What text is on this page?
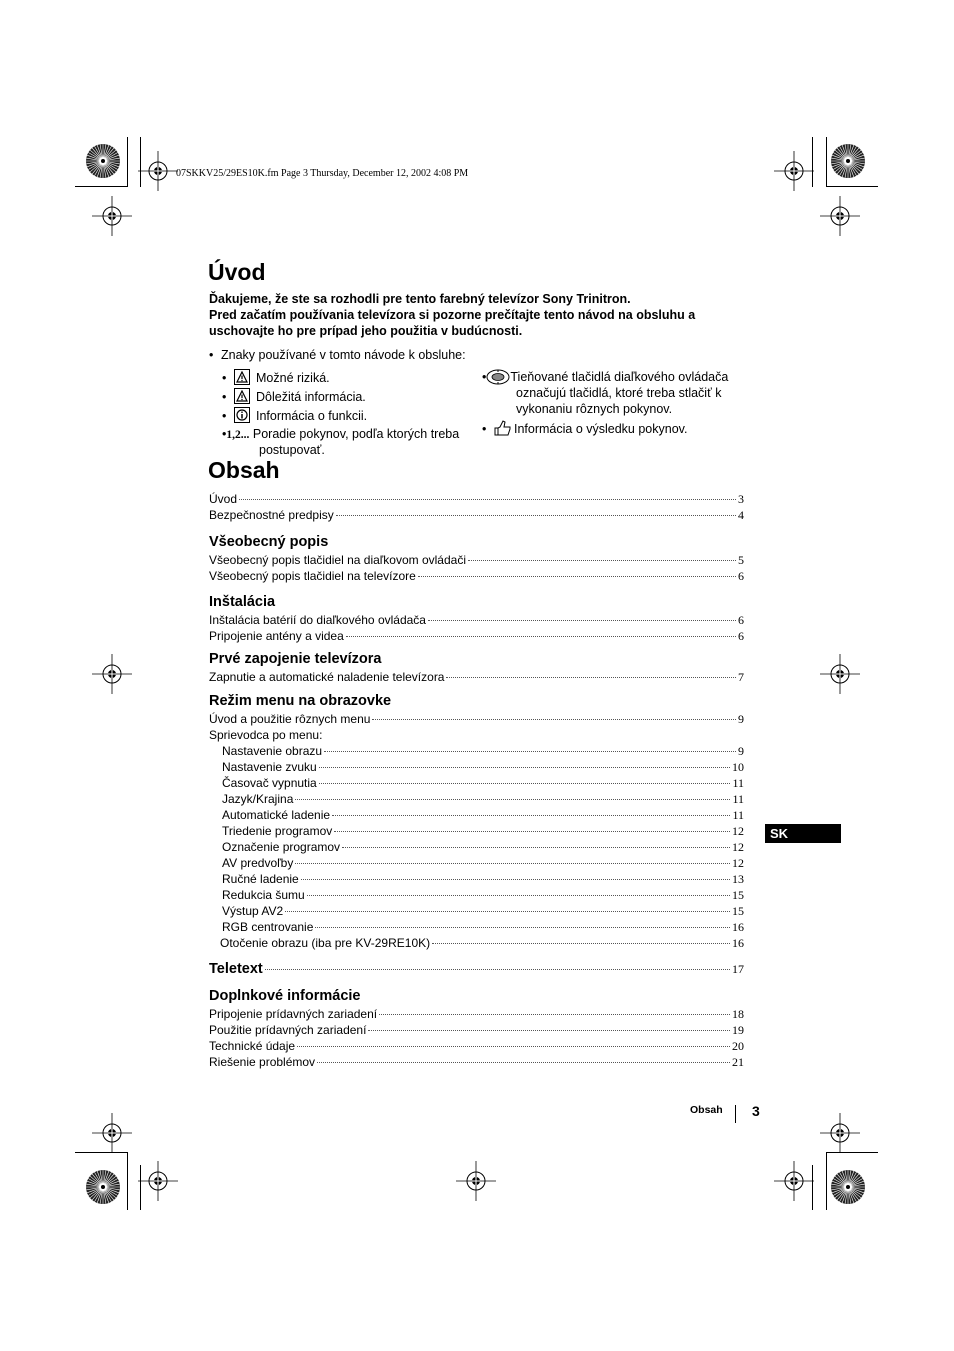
07SKKV25/29ES10K.fm Page 3 Thursday, December 12, 2002 4:08 PM
Úvod
Ďakujeme, že ste sa rozhodli pre tento farebný televízor Sony Trinitron.
Pred začatím používania televízora si pozorne prečítajte tento návod na obsluhu a
uschovajte ho pre prípad jeho použitia v budúcnosti.
• Znaky používané v tomto návode k obsluhe:
• Možné riziká.
• Dôležitá informácia.
• Informácia o funkcii.
•1,2... Poradie pokynov, podľa ktorých treba
postupovať.
• Tieňované tlačidlá diaľkového ovládača
označujú tlačidlá, ktoré treba stlačiť k
vykonaniu rôznych pokynov.
• Informácia o výsledku pokynov.
Obsah
Úvod	3
Bezpečnostné predpisy	4
Všeobecný popis
Všeobecný popis tlačidiel na diaľkovom ovládači	5
Všeobecný popis tlačidiel na televízore	6
Inštalácia
Inštalácia batérií do diaľkového ovládača	6
Pripojenie antény a videa	6
Prvé zapojenie televízora
Zapnutie a automatické naladenie televízora	7
Režim menu na obrazovke
Úvod a použitie rôznych menu	9
Sprievodca po menu:
Nastavenie obrazu	9
Nastavenie zvuku	10
Časovač vypnutia	11
Jazyk/Krajina	11
Automatické ladenie	11
Triedenie programov	12
Označenie programov	12
AV predvoľby	12
Ručné ladenie	13
Redukcia šumu	15
Výstup AV2	15
RGB centrovanie	16
Otočenie obrazu (iba pre KV-29RE10K)	16
Teletext	17
Doplnkové informácie
Pripojenie prídavných zariadení	18
Použitie prídavných zariadení	19
Technické údaje	20
Riešenie problémov	21
SK
Obsah 3
